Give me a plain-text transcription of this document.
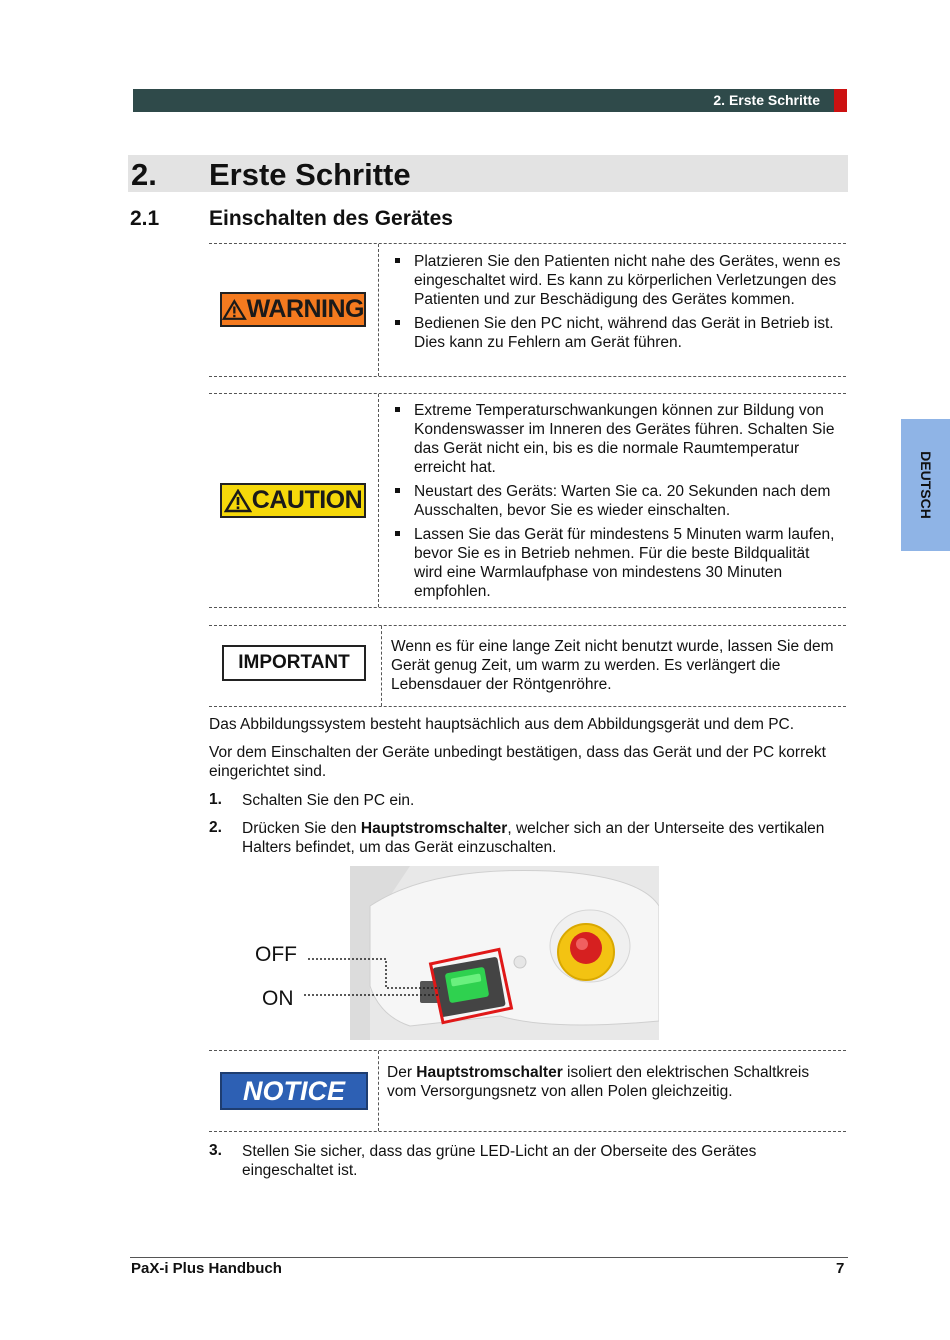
2. Erste Schritte
2. Erste Schritte
2.1 Einschalten des Gerätes
WARNING
Platzieren Sie den Patienten nicht nahe des Gerätes, wenn es eingeschaltet wird. Es kann zu körperlichen Verletzungen des Patienten und zur Beschädigung des Gerätes kommen.
Bedienen Sie den PC nicht, während das Gerät in Betrieb ist. Dies kann zu Fehlern am Gerät führen.
CAUTION
Extreme Temperaturschwankungen können zur Bildung von Kondenswasser im Inneren des Gerätes führen. Schalten Sie das Gerät nicht ein, bis es die normale Raumtemperatur erreicht hat.
Neustart des Geräts: Warten Sie ca. 20 Sekunden nach dem Ausschalten, bevor Sie es wieder einschalten.
Lassen Sie das Gerät für mindestens 5 Minuten warm laufen, bevor Sie es in Betrieb nehmen. Für die beste Bildqualität wird eine Warmlaufphase von mindestens 30 Minuten empfohlen.
IMPORTANT
Wenn es für eine lange Zeit nicht benutzt wurde, lassen Sie dem Gerät genug Zeit, um warm zu werden. Es verlängert die Lebensdauer der Röntgenröhre.
Das Abbildungssystem besteht hauptsächlich aus dem Abbildungsgerät und dem PC.
Vor dem Einschalten der Geräte unbedingt bestätigen, dass das Gerät und der PC korrekt eingerichtet sind.
1. Schalten Sie den PC ein.
2. Drücken Sie den Hauptstromschalter, welcher sich an der Unterseite des vertikalen Halters befindet, um das Gerät einzuschalten.
OFF
ON
NOTICE
Der Hauptstromschalter isoliert den elektrischen Schaltkreis vom Versorgungsnetz von allen Polen gleichzeitig.
3. Stellen Sie sicher, dass das grüne LED-Licht an der Oberseite des Gerätes eingeschaltet ist.
DEUTSCH
PaX-i Plus Handbuch	7
